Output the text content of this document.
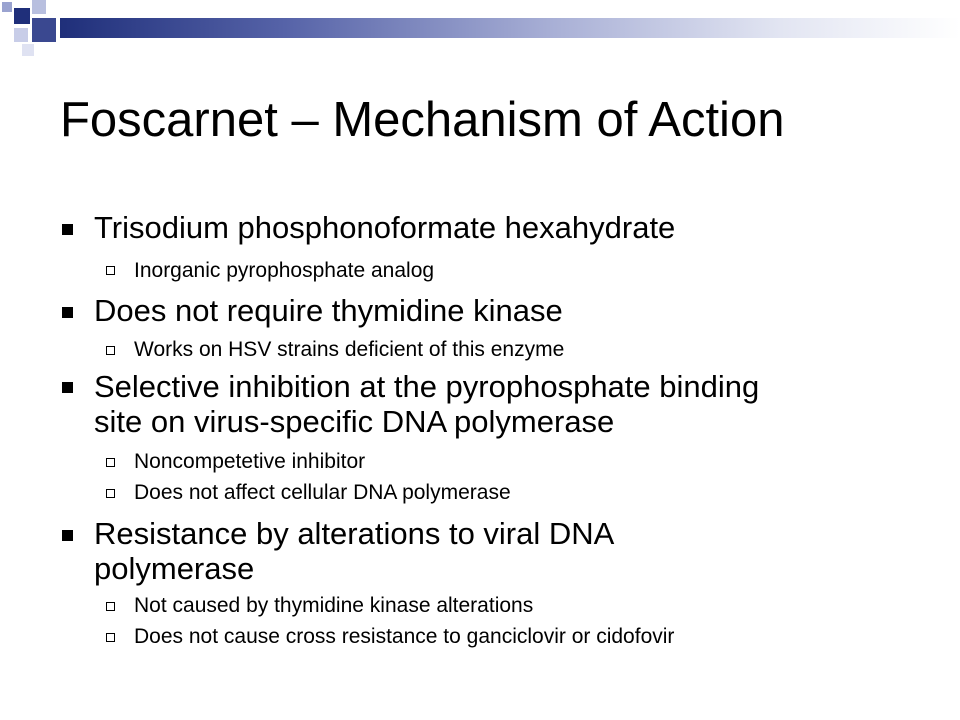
Foscarnet – Mechanism of Action
Trisodium phosphonoformate hexahydrate
Inorganic pyrophosphate analog
Does not require thymidine kinase
Works on HSV strains deficient of this enzyme
Selective inhibition at the pyrophosphate binding
site on virus-specific DNA polymerase
Noncompetetive inhibitor
Does not affect cellular DNA polymerase
Resistance by alterations to viral DNA
polymerase
Not caused by thymidine kinase alterations
Does not cause cross resistance to ganciclovir or cidofovir
